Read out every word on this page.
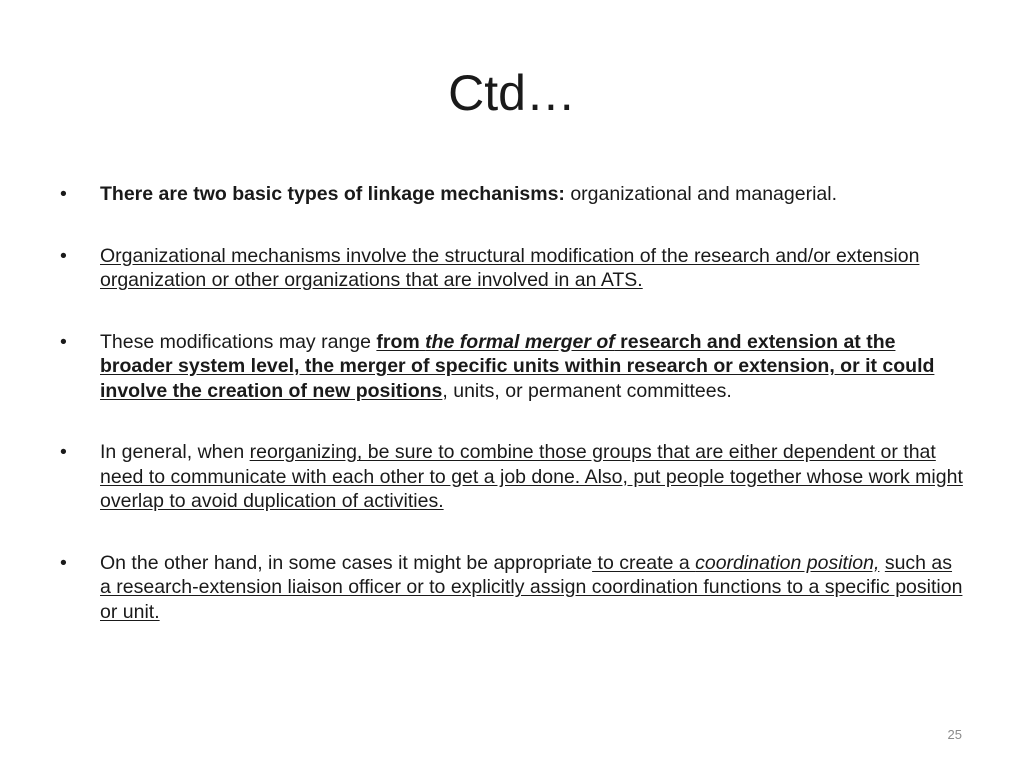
Ctd…
•	There are two basic types of linkage mechanisms: organizational and managerial.
•	Organizational mechanisms involve the structural modification of the research and/or extension organization or other organizations that are involved in an ATS.
•	These modifications may range from the formal merger of research and extension at the broader system level, the merger of specific units within research or extension, or it could involve the creation of new positions, units, or permanent committees.
•	In general, when reorganizing, be sure to combine those groups that are either dependent or that need to communicate with each other to get a job done. Also, put people together whose work might overlap to avoid duplication of activities.
•	On the other hand, in some cases it might be appropriate to create a coordination position, such as a research-extension liaison officer or to explicitly assign coordination functions to a specific position or unit.
25
